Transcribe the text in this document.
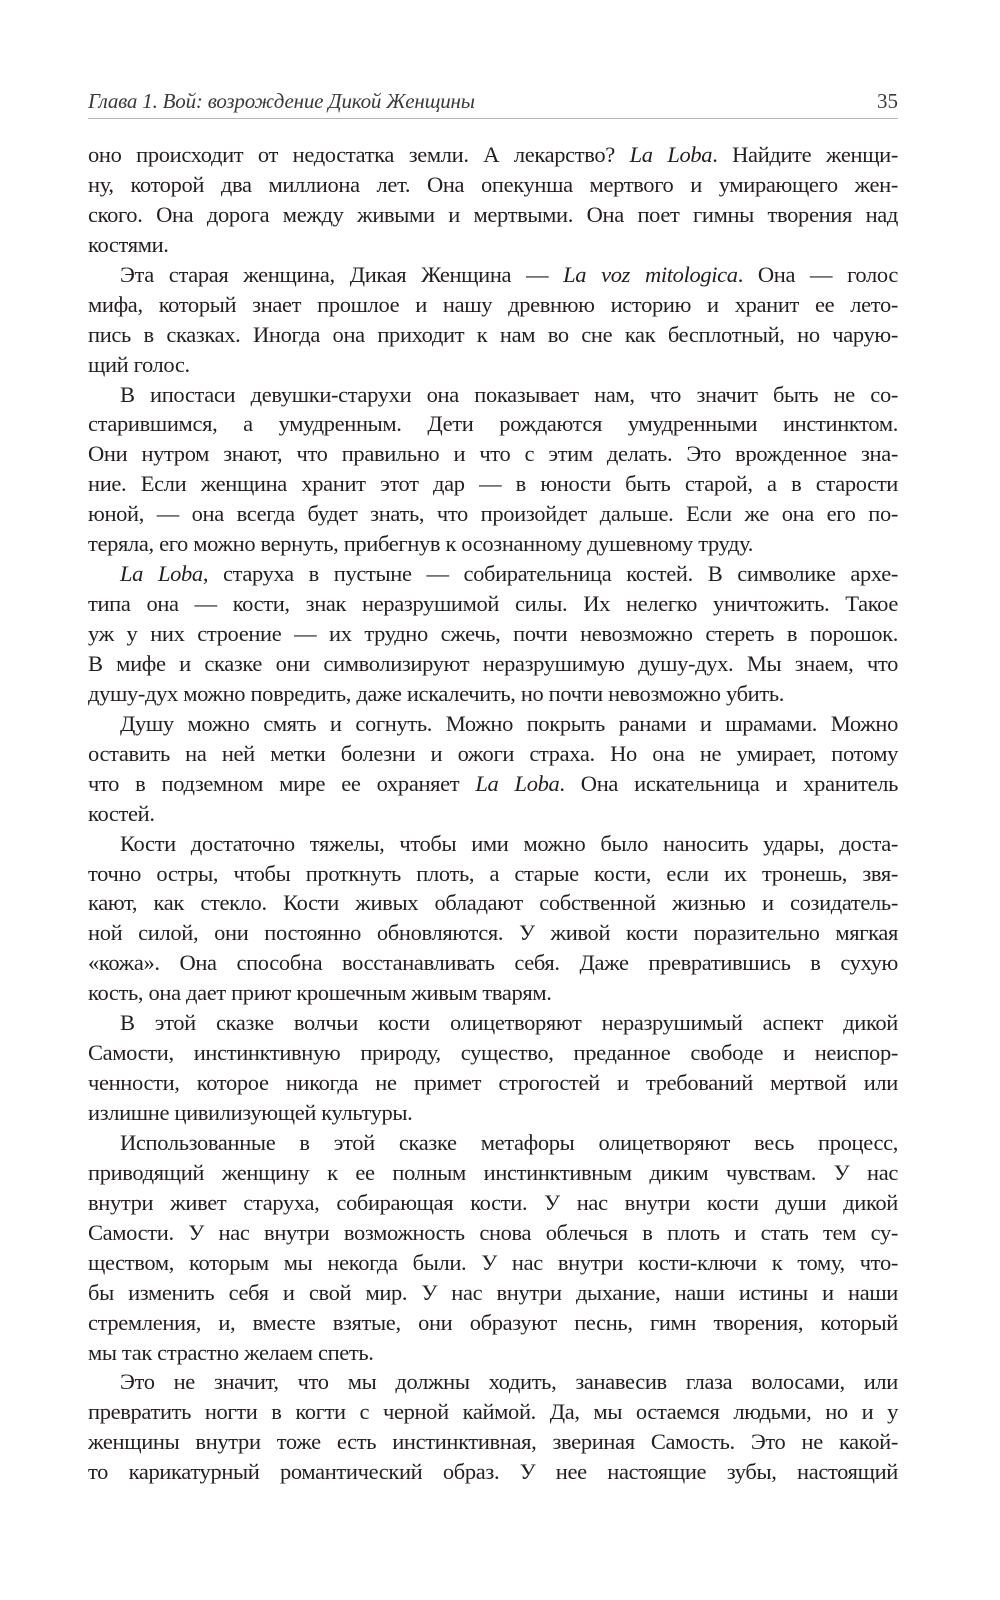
Глава 1. Вой: возрождение Дикой Женщины	35
оно происходит от недостатка земли. А лекарство? La Loba. Найдите женщи-
ну, которой два миллиона лет. Она опекунша мертвого и умирающего жен-
ского. Она дорога между живыми и мертвыми. Она поет гимны творения над
костями.
Эта старая женщина, Дикая Женщина — La voz mitologica. Она — голос
мифа, который знает прошлое и нашу древнюю историю и хранит ее лето-
пись в сказках. Иногда она приходит к нам во сне как бесплотный, но чарую-
щий голос.
В ипостаси девушки-старухи она показывает нам, что значит быть не со-
старившимся, а умудренным. Дети рождаются умудренными инстинктом.
Они нутром знают, что правильно и что с этим делать. Это врожденное зна-
ние. Если женщина хранит этот дар — в юности быть старой, а в старости
юной, — она всегда будет знать, что произойдет дальше. Если же она его по-
теряла, его можно вернуть, прибегнув к осознанному душевному труду.
La Loba, старуха в пустыне — собирательница костей. В символике архе-
типа она — кости, знак неразрушимой силы. Их нелегко уничтожить. Такое
уж у них строение — их трудно сжечь, почти невозможно стереть в порошок.
В мифе и сказке они символизируют неразрушимую душу-дух. Мы знаем, что
душу-дух можно повредить, даже искалечить, но почти невозможно убить.
Душу можно смять и согнуть. Можно покрыть ранами и шрамами. Можно
оставить на ней метки болезни и ожоги страха. Но она не умирает, потому
что в подземном мире ее охраняет La Loba. Она искательница и хранитель
костей.
Кости достаточно тяжелы, чтобы ими можно было наносить удары, доста-
точно остры, чтобы проткнуть плоть, а старые кости, если их тронешь, звя-
кают, как стекло. Кости живых обладают собственной жизнью и созидатель-
ной силой, они постоянно обновляются. У живой кости поразительно мягкая
«кожа». Она способна восстанавливать себя. Даже превратившись в сухую
кость, она дает приют крошечным живым тварям.
В этой сказке волчьи кости олицетворяют неразрушимый аспект дикой
Самости, инстинктивную природу, существо, преданное свободе и неиспор-
ченности, которое никогда не примет строгостей и требований мертвой или
излишне цивилизующей культуры.
Использованные в этой сказке метафоры олицетворяют весь процесс,
приводящий женщину к ее полным инстинктивным диким чувствам. У нас
внутри живет старуха, собирающая кости. У нас внутри кости души дикой
Самости. У нас внутри возможность снова облечься в плоть и стать тем су-
ществом, которым мы некогда были. У нас внутри кости-ключи к тому, что-
бы изменить себя и свой мир. У нас внутри дыхание, наши истины и наши
стремления, и, вместе взятые, они образуют песнь, гимн творения, который
мы так страстно желаем спеть.
Это не значит, что мы должны ходить, занавесив глаза волосами, или
превратить ногти в когти с черной каймой. Да, мы остаемся людьми, но и у
женщины внутри тоже есть инстинктивная, звериная Самость. Это не какой-
то карикатурный романтический образ. У нее настоящие зубы, настоящий
